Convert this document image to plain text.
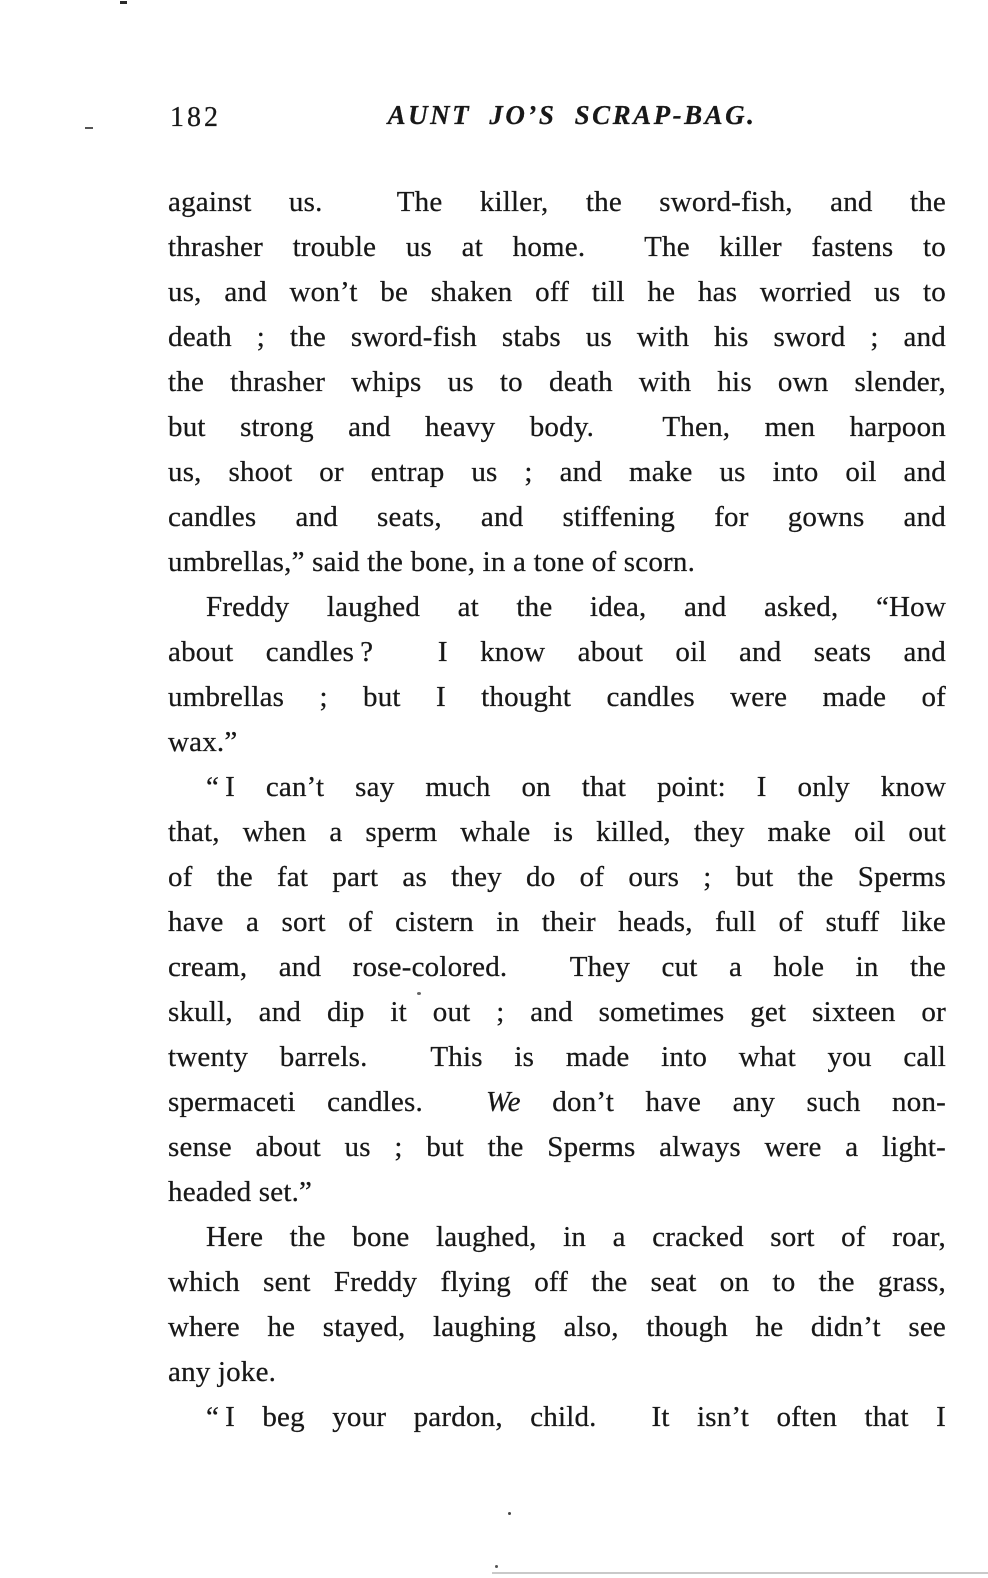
182	AUNT JO’S SCRAP-BAG.
against us.  The killer, the sword-fish, and the
thrasher trouble us at home.  The killer fastens to
us, and won’t be shaken off till he has worried us to
death ; the sword-fish stabs us with his sword ; and
the thrasher whips us to death with his own slender,
but strong and heavy body.  Then, men harpoon
us, shoot or entrap us ; and make us into oil and
candles and seats, and stiffening for gowns and
umbrellas,” said the bone, in a tone of scorn.
Freddy laughed at the idea, and asked, “How
about candles ?  I know about oil and seats and
umbrellas ; but I thought candles were made of
wax.”
“ I can’t say much on that point: I only know
that, when a sperm whale is killed, they make oil out
of the fat part as they do of ours ; but the Sperms
have a sort of cistern in their heads, full of stuff like
cream, and rose-colored.  They cut a hole in the
skull, and dip it out ; and sometimes get sixteen or
twenty barrels.  This is made into what you call
spermaceti candles.  We don’t have any such non-
sense about us ; but the Sperms always were a light-
headed set.”
Here the bone laughed, in a cracked sort of roar,
which sent Freddy flying off the seat on to the grass,
where he stayed, laughing also, though he didn’t see
any joke.
“ I beg your pardon, child.  It isn’t often that I
